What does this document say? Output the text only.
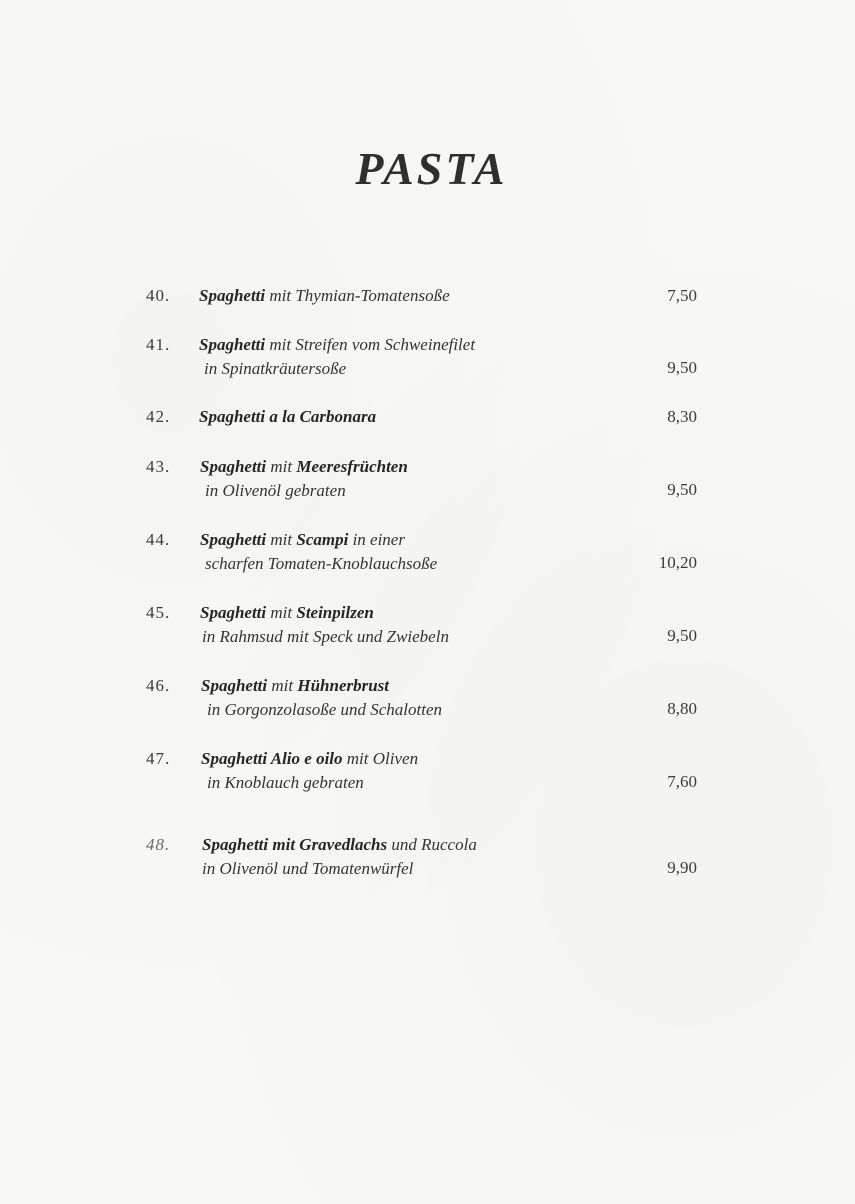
PASTA
40. Spaghetti mit Thymian-Tomatensoße	7,50
41. Spaghetti mit Streifen vom Schweinefilet
in Spinatkräutersoße	9,50
42. Spaghetti a la Carbonara	8,30
43. Spaghetti mit Meeresfrüchten
in Olivenöl gebraten	9,50
44. Spaghetti mit Scampi in einer
scharfen Tomaten-Knoblauchsoße	10,20
45. Spaghetti mit Steinpilzen
in Rahmsud mit Speck und Zwiebeln	9,50
46. Spaghetti mit Hühnerbrust
in Gorgonzolasoße und Schalotten	8,80
47. Spaghetti Alio e oilo mit Oliven
in Knoblauch gebraten	7,60
48. Spaghetti mit Gravedlachs und Ruccola
in Olivenöl und Tomatenwürfel	9,90
